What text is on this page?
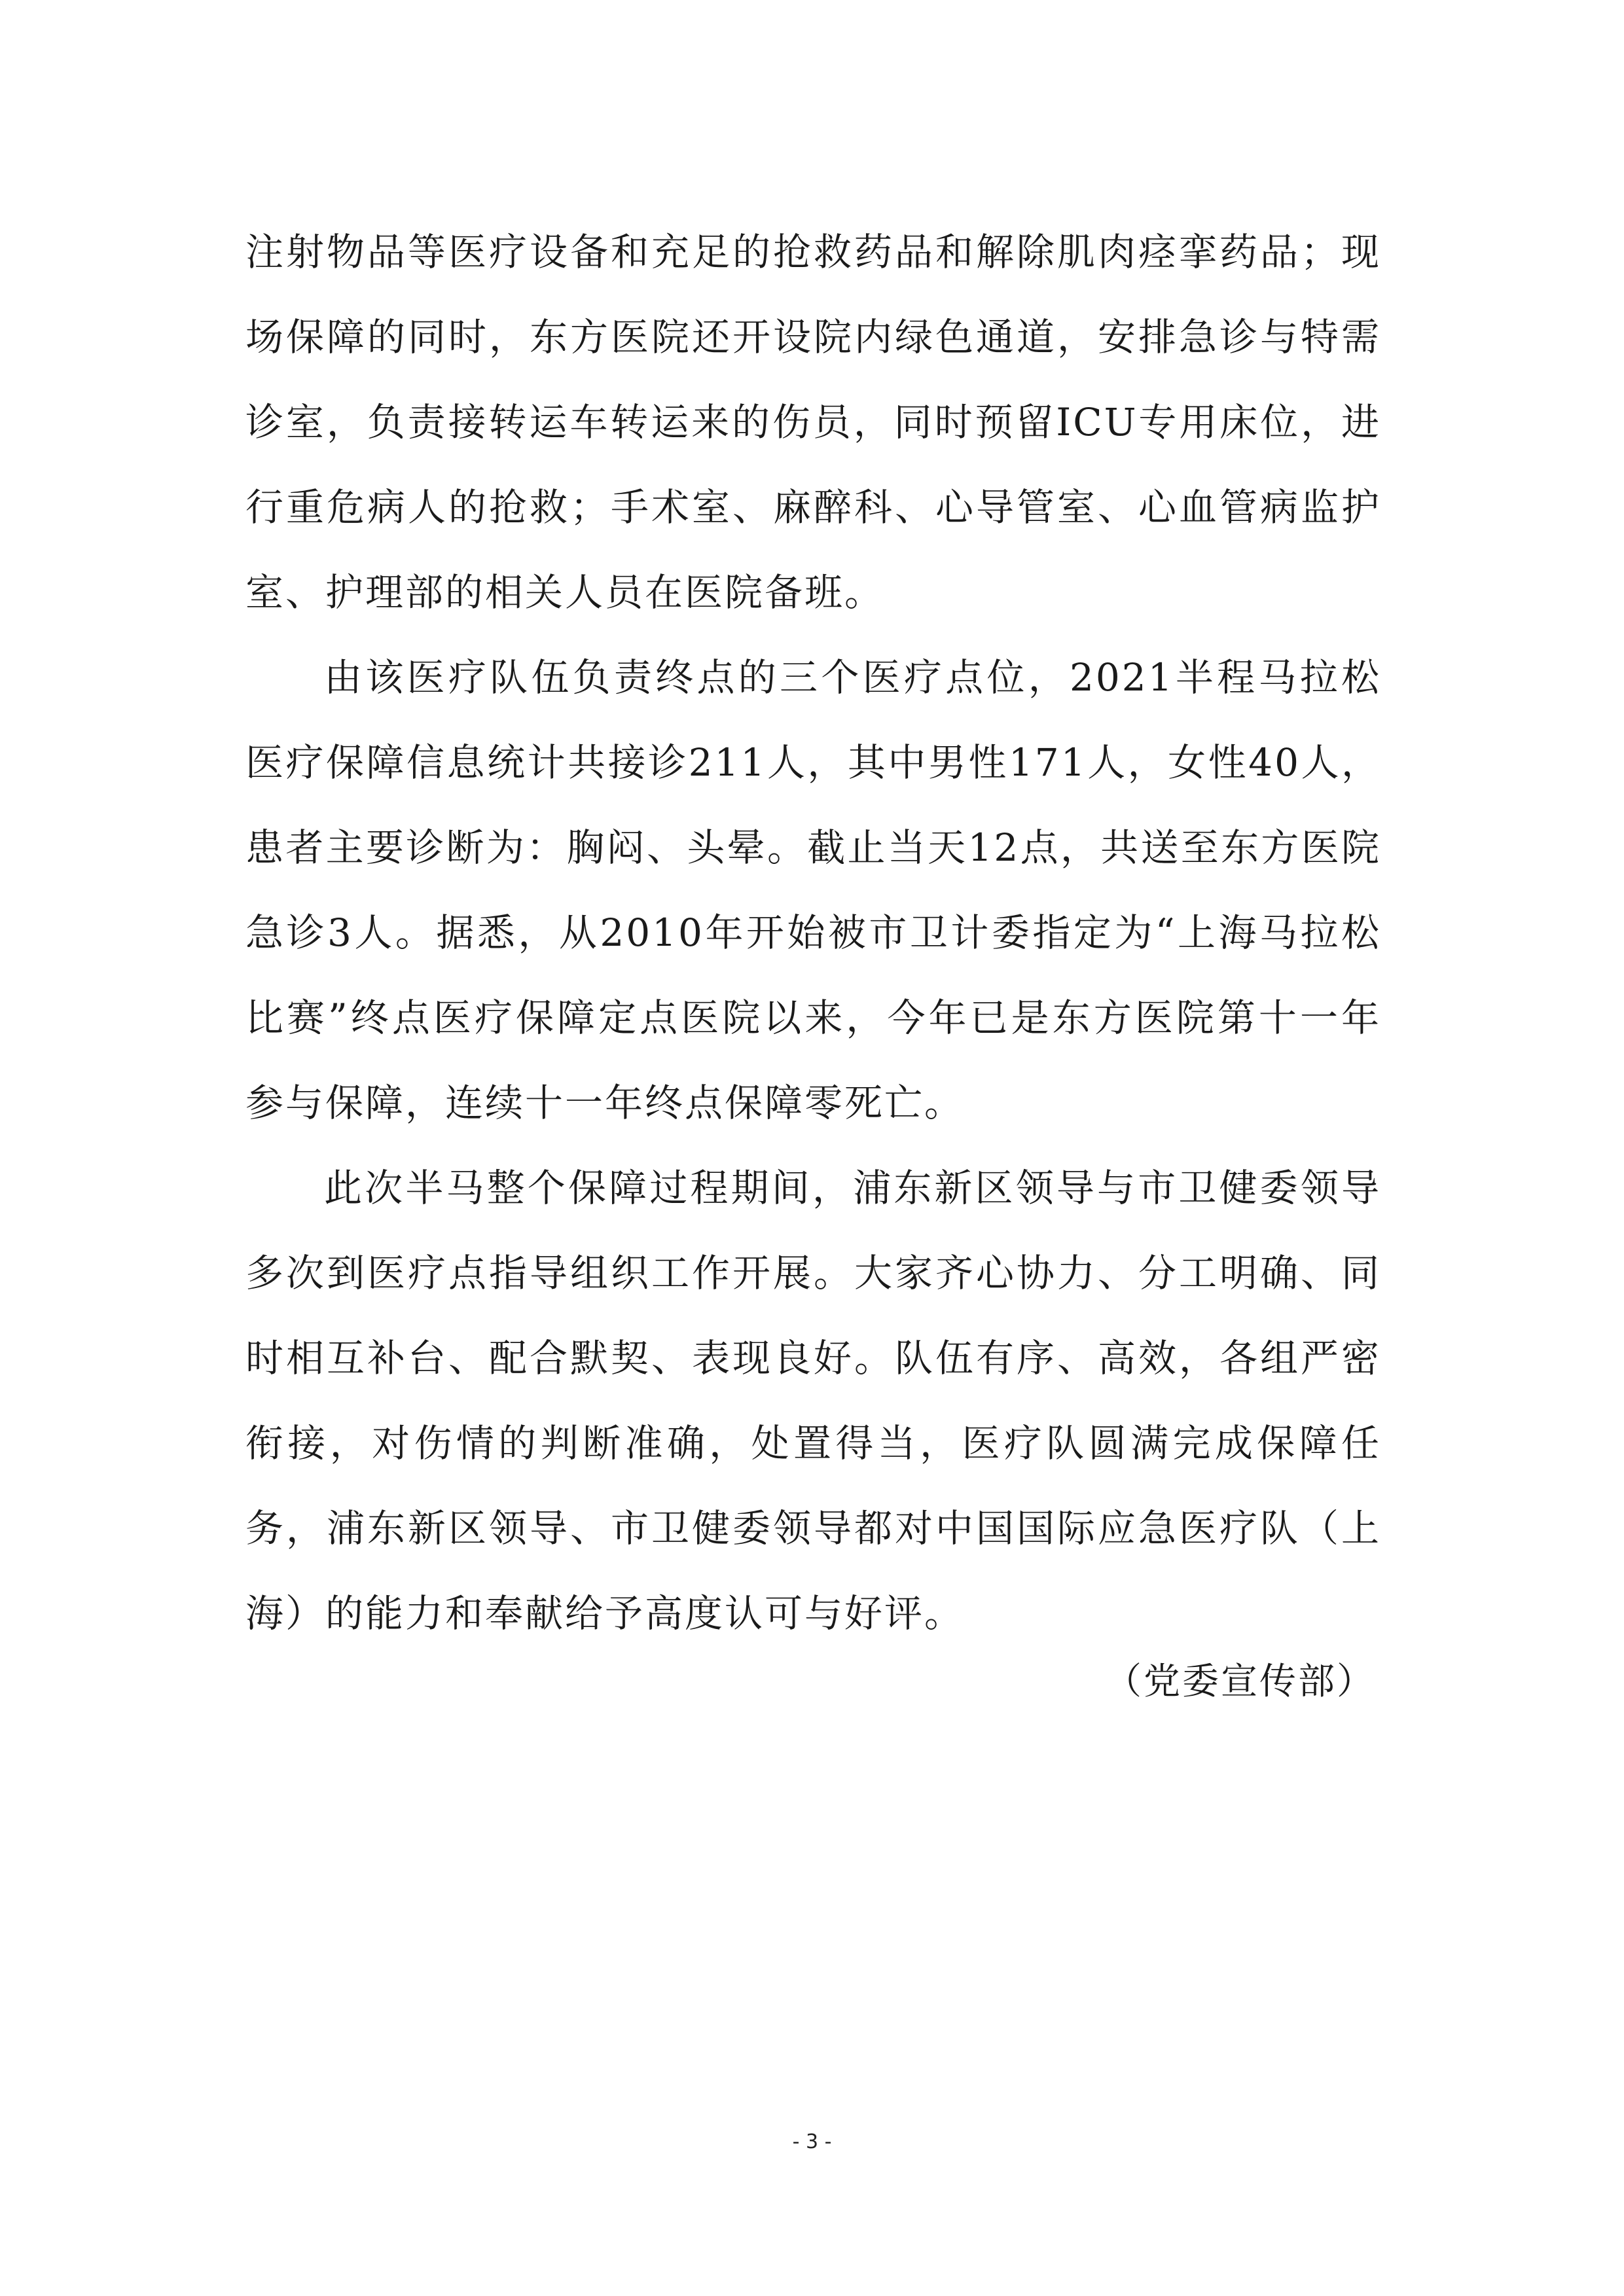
注射物品等医疗设备和充足的抢救药品和解除肌肉痉挛药品；现场保障的同时，东方医院还开设院内绿色通道，安排急诊与特需诊室，负责接转运车转运来的伤员，同时预留ICU专用床位，进行重危病人的抢救；手术室、麻醉科、心导管室、心血管病监护室、护理部的相关人员在医院备班。

由该医疗队伍负责终点的三个医疗点位，2021半程马拉松医疗保障信息统计共接诊211人，其中男性171人，女性40人，患者主要诊断为：胸闷、头晕。截止当天12点，共送至东方医院急诊3人。据悉，从2010年开始被市卫计委指定为“上海马拉松比赛”终点医疗保障定点医院以来，今年已是东方医院第十一年参与保障，连续十一年终点保障零死亡。

此次半马整个保障过程期间，浦东新区领导与市卫健委领导多次到医疗点指导组织工作开展。大家齐心协力、分工明确、同时相互补台、配合默契、表现良好。队伍有序、高效，各组严密衔接，对伤情的判断准确，处置得当，医疗队圆满完成保障任务，浦东新区领导、市卫健委领导都对中国国际应急医疗队（上海）的能力和奉献给予高度认可与好评。

（党委宣传部）
- 3 -
